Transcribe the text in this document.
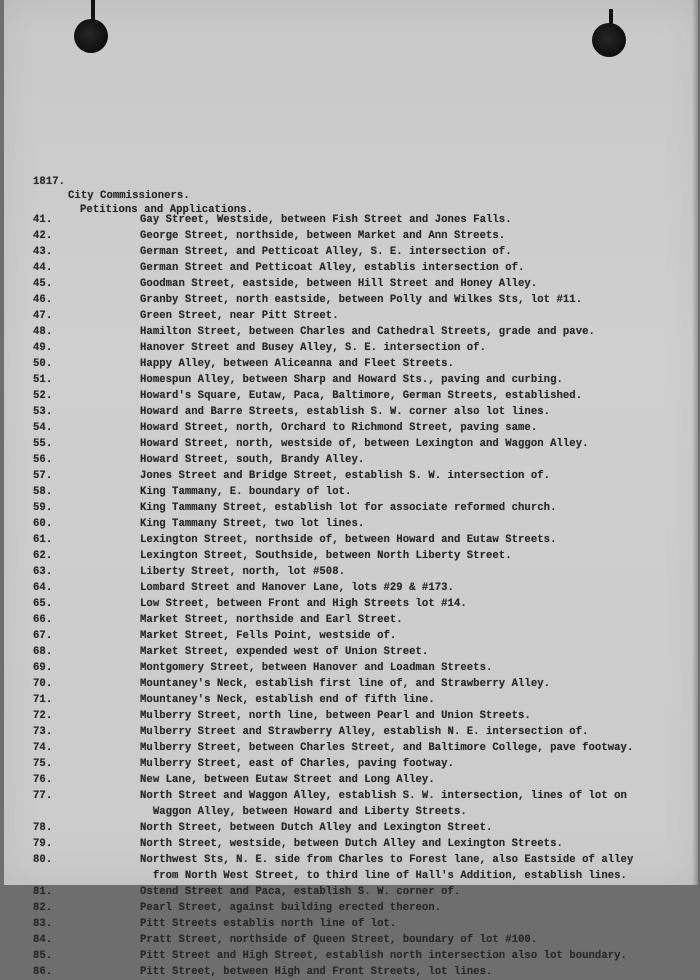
1817.
City Commissioners.
Petitions and Applications.
41.	Gay Street, Westside, between Fish Street and Jones Falls.
42.	George Street, northside, between Market and Ann Streets.
43.	German Street, and Petticoat Alley, S. E. intersection of.
44.	German Street and Petticoat Alley, establis intersection of.
45.	Goodman Street, eastside, between Hill Street and Honey Alley.
46.	Granby Street, north eastside, between Polly and Wilkes Sts, lot #11.
47.	Green Street, near Pitt Street.
48.	Hamilton Street, between Charles and Cathedral Streets, grade and pave.
49.	Hanover Street and Busey Alley, S. E. intersection of.
50.	Happy Alley, between Aliceanna and Fleet Streets.
51.	Homespun Alley, between Sharp and Howard Sts., paving and curbing.
52.	Howard's Square, Eutaw, Paca, Baltimore, German Streets, established.
53.	Howard and Barre Streets, establish S. W. corner also lot lines.
54.	Howard Street, north, Orchard to Richmond Street, paving same.
55.	Howard Street, north, westside of, between Lexington and Waggon Alley.
56.	Howard Street, south, Brandy Alley.
57.	Jones Street and Bridge Street, establish S. W. intersection of.
58.	King Tammany, E. boundary of lot.
59.	King Tammany Street, establish lot for associate reformed church.
60.	King Tammany Street, two lot lines.
61.	Lexington Street, northside of, between Howard and Eutaw Streets.
62.	Lexington Street, Southside, between North Liberty Street.
63.	Liberty Street, north, lot #508.
64.	Lombard Street and Hanover Lane, lots #29 & #173.
65.	Low Street, between Front and High Streets lot #14.
66.	Market Street, northside and Earl Street.
67.	Market Street, Fells Point, westside of.
68.	Market Street, expended west of Union Street.
69.	Montgomery Street, between Hanover and Loadman Streets.
70.	Mountaney's Neck, establish first line of, and Strawberry Alley.
71.	Mountaney's Neck, establish end of fifth line.
72.	Mulberry Street, north line, between Pearl and Union Streets.
73.	Mulberry Street and Strawberry Alley, establish N. E. intersection of.
74.	Mulberry Street, between Charles Street, and Baltimore College, pave footway.
75.	Mulberry Street, east of Charles, paving footway.
76.	New Lane, between Eutaw Street and Long Alley.
77.	North Street and Waggon Alley, establish S. W. intersection, lines of lot on
Waggon Alley, between Howard and Liberty Streets.
78.	North Street, between Dutch Alley and Lexington Street.
79.	North Street, westside, between Dutch Alley and Lexington Streets.
80.	Northwest Sts, N. E. side from Charles to Forest lane, also Eastside of alley
from North West Street, to third line of Hall's Addition, establish lines.
81.	Ostend Street and Paca, establish S. W. corner of.
82.	Pearl Street, against building erected thereon.
83.	Pitt Streets establis north line of lot.
84.	Pratt Street, northside of Queen Street, boundary of lot #100.
85.	Pitt Street and High Street, establish north intersection also lot boundary.
86.	Pitt Street, between High and Front Streets, lot lines.
